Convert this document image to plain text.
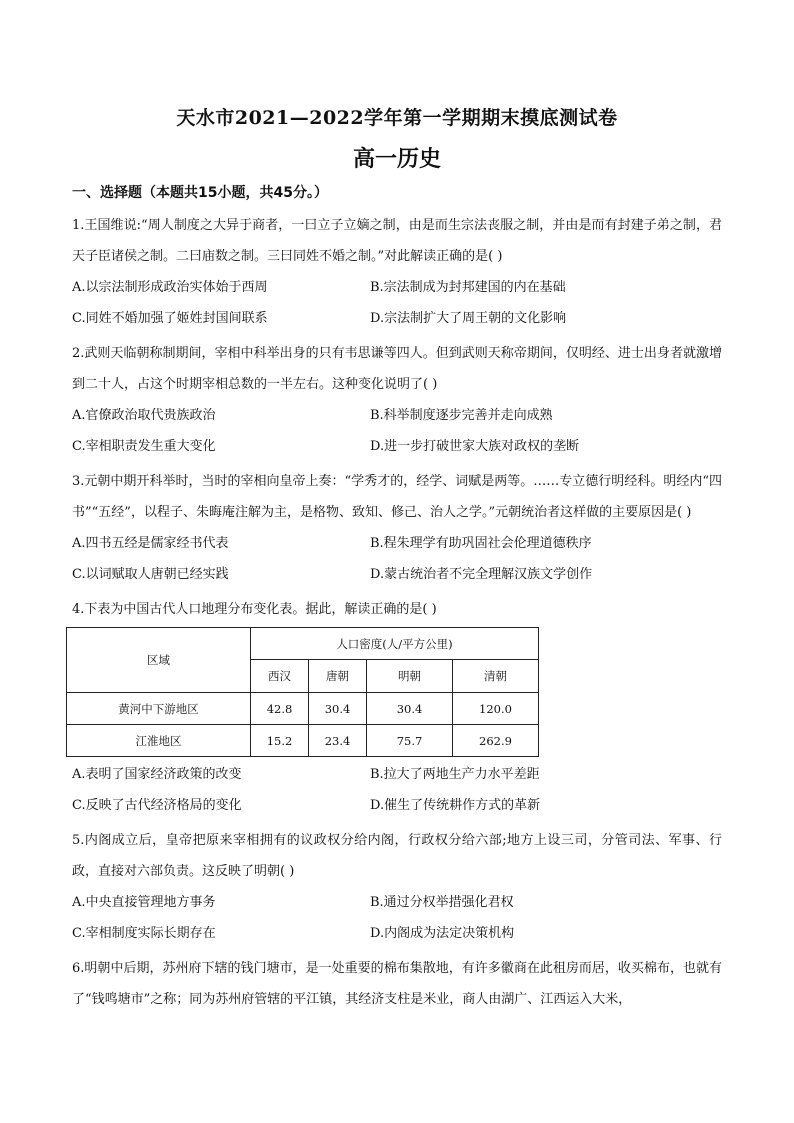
天水市2021—2022学年第一学期期末摸底测试卷
高一历史
一、选择题（本题共15小题，共45分。）

1.王国维说:“周人制度之大异于商者，一曰立子立嫡之制，由是而生宗法丧服之制，并由是而有封建子弟之制，君天子臣诸侯之制。二曰庙数之制。三曰同姓不婚之制。”对此解读正确的是( )

A.以宗法制形成政治实体始于西周	B.宗法制成为封邦建国的内在基础
C.同姓不婚加强了姬姓封国间联系	D.宗法制扩大了周王朝的文化影响

2.武则天临朝称制期间，宰相中科举出身的只有韦思谦等四人。但到武则天称帝期间，仅明经、进士出身者就激增到二十人，占这个时期宰相总数的一半左右。这种变化说明了( )

A.官僚政治取代贵族政治	B.科举制度逐步完善并走向成熟
C.宰相职责发生重大变化	D.进一步打破世家大族对政权的垄断

3.元朝中期开科举时，当时的宰相向皇帝上奏：“学秀才的，经学、词赋是两等。……专立德行明经科。明经内“四书”“五经”，以程子、朱晦庵注解为主，是格物、致知、修己、治人之学。”元朝统治者这样做的主要原因是( )

A.四书五经是儒家经书代表	B.程朱理学有助巩固社会伦理道德秩序
C.以词赋取人唐朝已经实践	D.蒙古统治者不完全理解汉族文学创作

4.下表为中国古代人口地理分布变化表。据此，解读正确的是( )

区域	人口密度(人/平方公里)			
	西汉	唐朝	明朝	清朝
黄河中下游地区	42.8	30.4	30.4	120.0
江淮地区	15.2	23.4	75.7	262.9
A.表明了国家经济政策的改变	B.拉大了两地生产力水平差距
C.反映了古代经济格局的变化	D.催生了传统耕作方式的革新

5.内阁成立后，皇帝把原来宰相拥有的议政权分给内阁，行政权分给六部;地方上设三司，分管司法、军事、行政，直接对六部负责。这反映了明朝( )

A.中央直接管理地方事务	B.通过分权举措强化君权
C.宰相制度实际长期存在	D.内阁成为法定决策机构

6.明朝中后期，苏州府下辖的钱门塘市，是一处重要的棉布集散地，有许多徽商在此租房而居，收买棉布，也就有了“钱鸣塘市”之称；同为苏州府管辖的平江镇，其经济支柱是米业，商人由湖广、江西运入大米，
